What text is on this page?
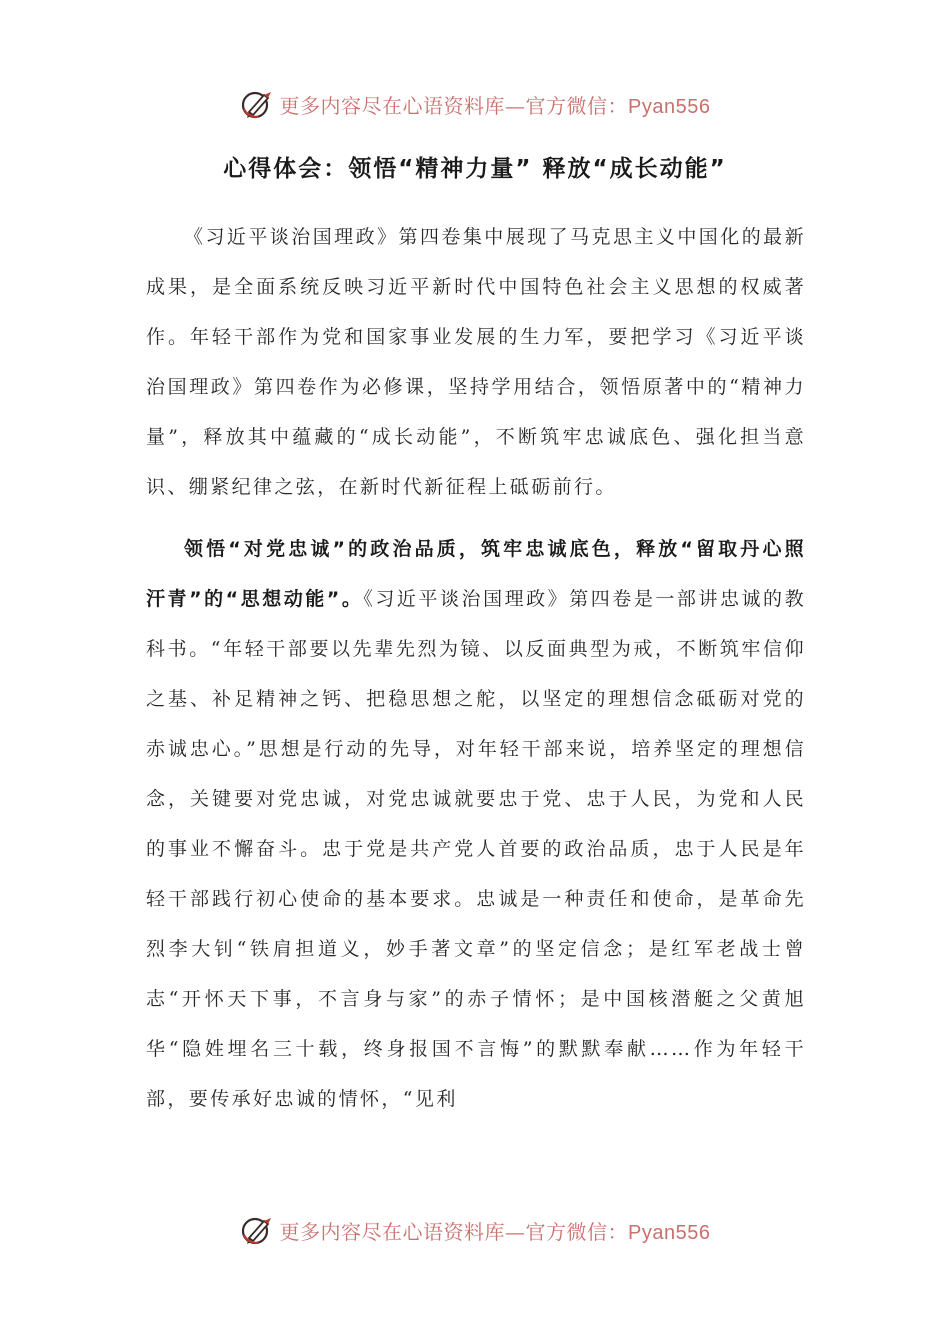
更多内容尽在心语资料库—官方微信：Pyan556
心得体会：领悟“精神力量” 释放“成长动能”

《习近平谈治国理政》第四卷集中展现了马克思主义中国化的最新成果，是全面系统反映习近平新时代中国特色社会主义思想的权威著作。年轻干部作为党和国家事业发展的生力军，要把学习《习近平谈治国理政》第四卷作为必修课，坚持学用结合，领悟原著中的“精神力量”，释放其中蕴藏的“成长动能”，不断筑牢忠诚底色、强化担当意识、绷紧纪律之弦，在新时代新征程上砥砺前行。

领悟“对党忠诚”的政治品质，筑牢忠诚底色，释放“留取丹心照汗青”的“思想动能”。《习近平谈治国理政》第四卷是一部讲忠诚的教科书。“年轻干部要以先辈先烈为镜、以反面典型为戒，不断筑牢信仰之基、补足精神之钙、把稳思想之舵，以坚定的理想信念砥砺对党的赤诚忠心。”思想是行动的先导，对年轻干部来说，培养坚定的理想信念，关键要对党忠诚，对党忠诚就要忠于党、忠于人民，为党和人民的事业不懈奋斗。忠于党是共产党人首要的政治品质，忠于人民是年轻干部践行初心使命的基本要求。忠诚是一种责任和使命，是革命先烈李大钊“铁肩担道义，妙手著文章”的坚定信念；是红军老战士曾志“开怀天下事，不言身与家”的赤子情怀；是中国核潜艇之父黄旭华“隐姓埋名三十载，终身报国不言悔”的默默奉献……作为年轻干部，要传承好忠诚的情怀，“见利

更多内容尽在心语资料库—官方微信：Pyan556
